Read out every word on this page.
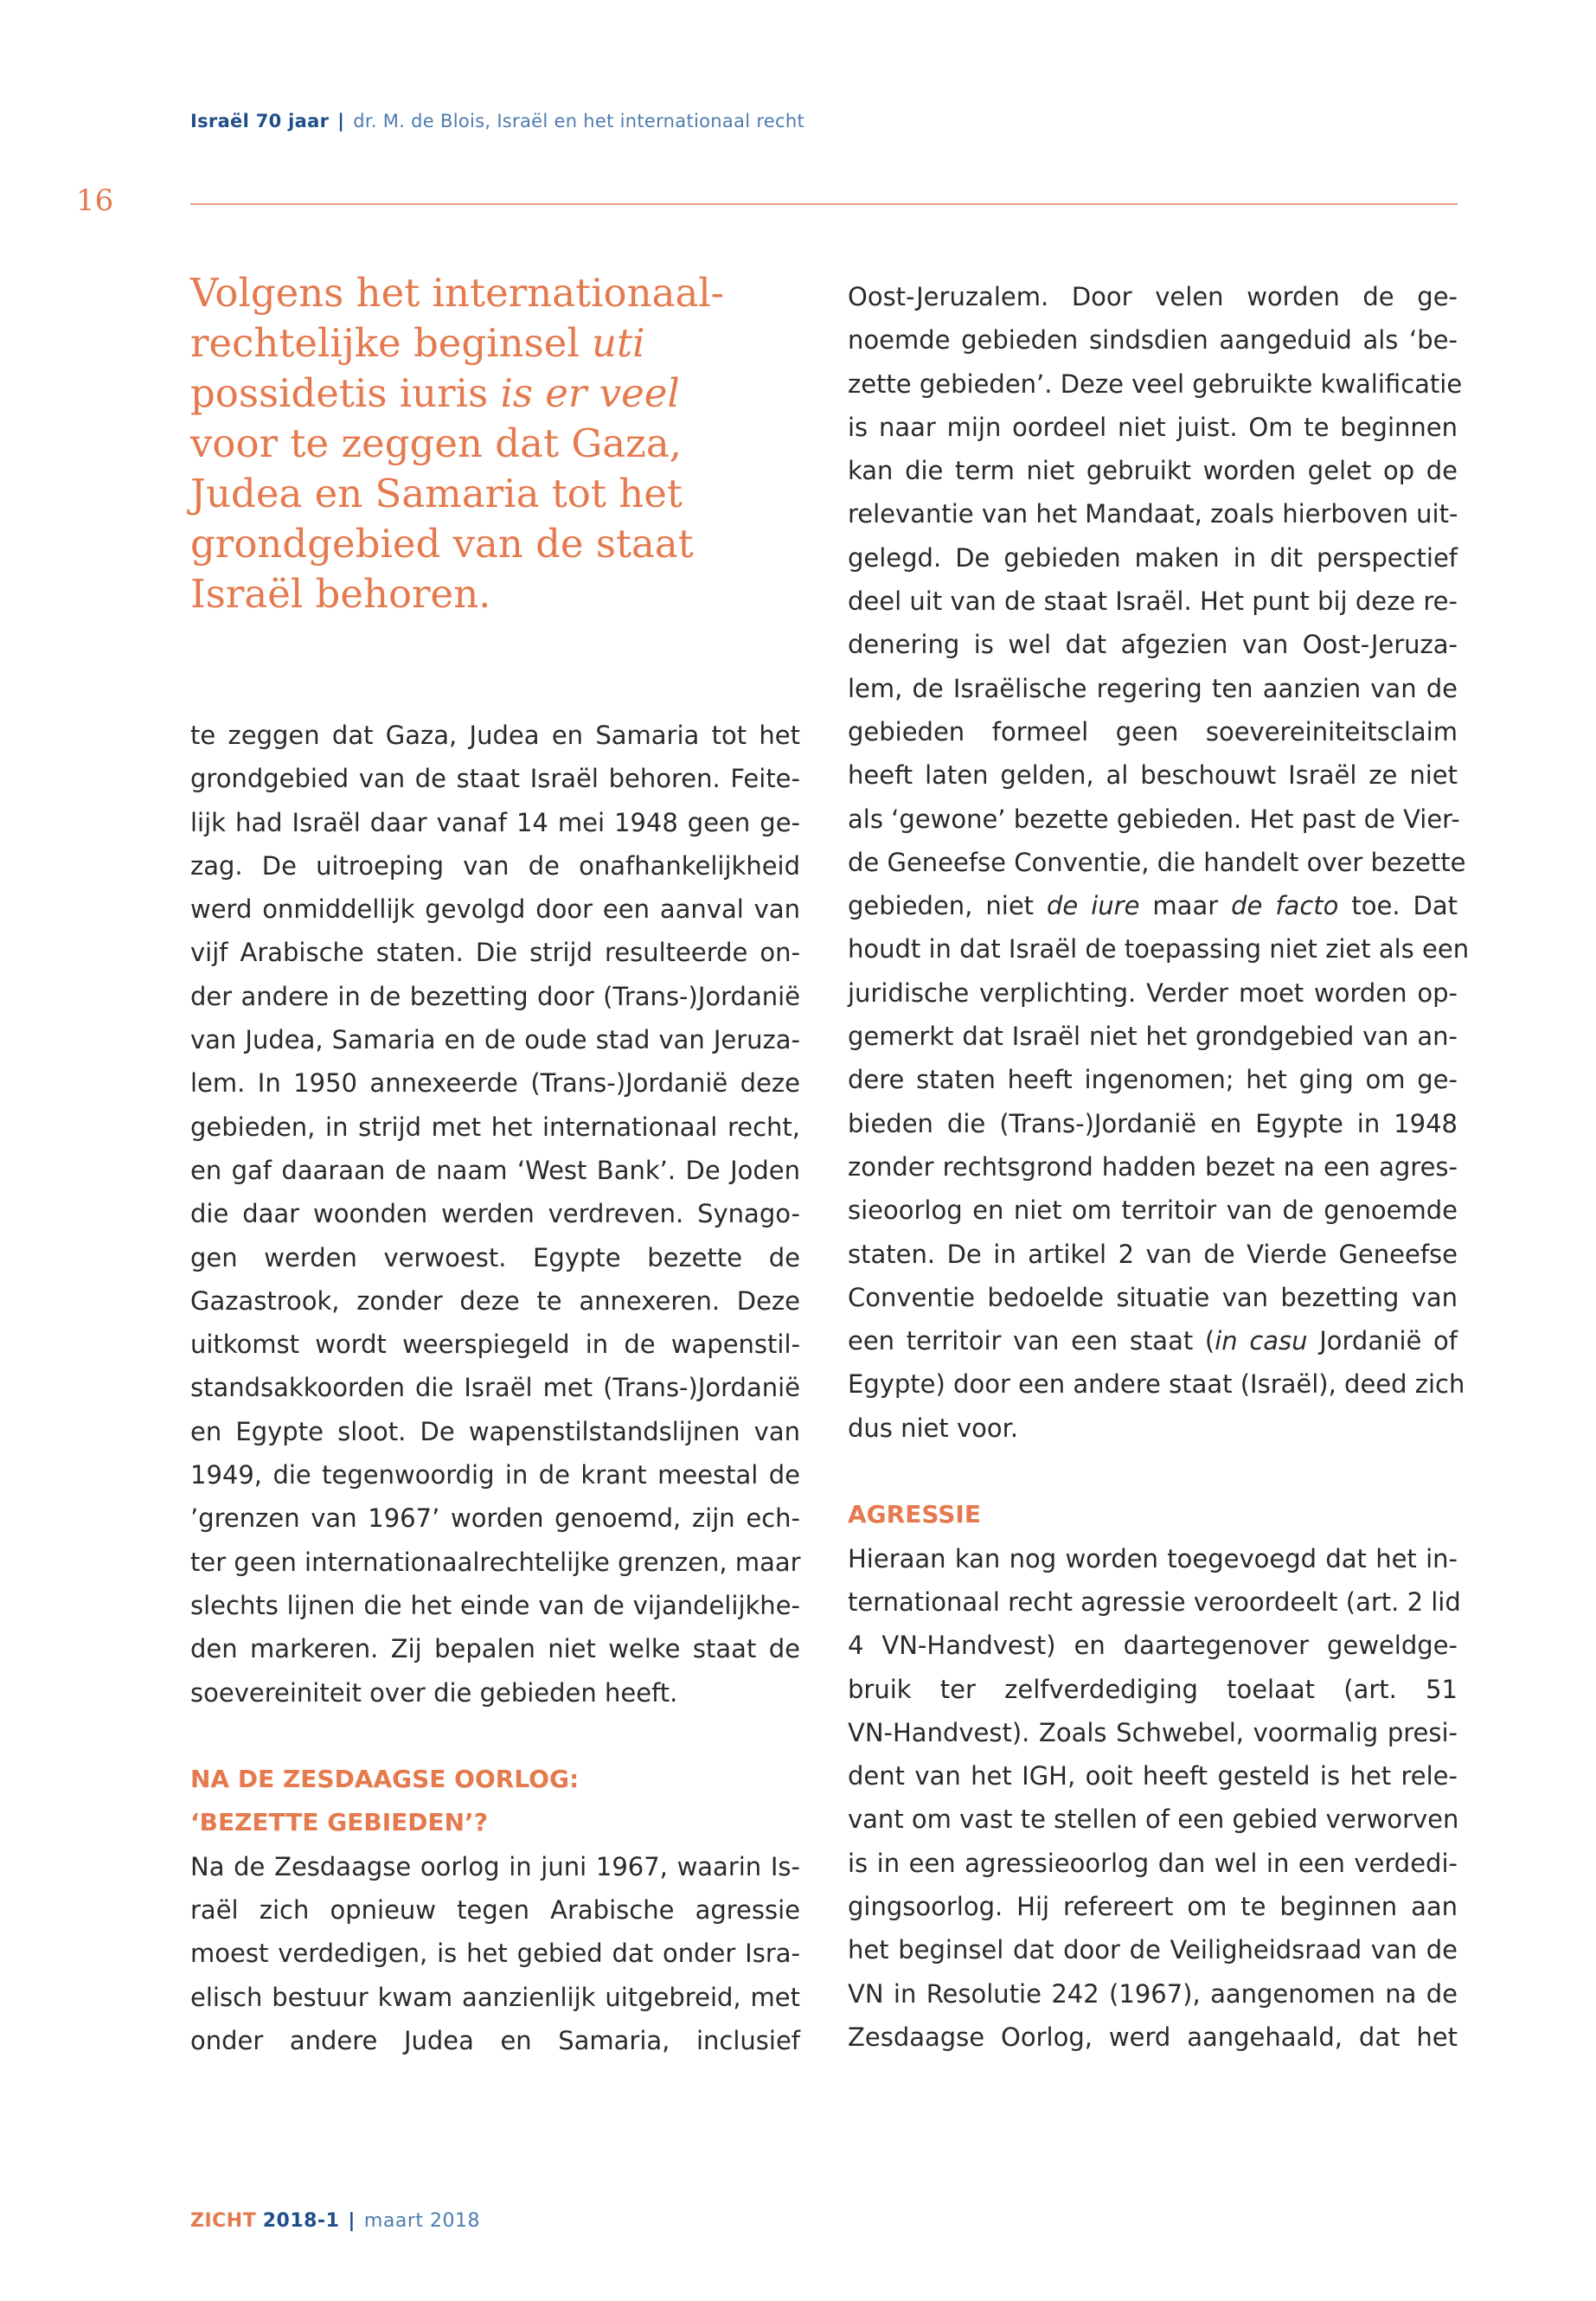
Israël 70 jaar | dr. M. de Blois, Israël en het internationaal recht
16
Volgens het internationaal-
rechtelijke beginsel uti
possidetis iuris is er veel
voor te zeggen dat Gaza,
Judea en Samaria tot het
grondgebied van de staat
Israël behoren.
te zeggen dat Gaza, Judea en Samaria tot het
grondgebied van de staat Israël behoren. Feite-
lijk had Israël daar vanaf 14 mei 1948 geen ge-
zag. De uitroeping van de onafhankelijkheid
werd onmiddellijk gevolgd door een aanval van
vijf Arabische staten. Die strijd resulteerde on-
der andere in de bezetting door (Trans-)Jordanië
van Judea, Samaria en de oude stad van Jeruza-
lem. In 1950 annexeerde (Trans-)Jordanië deze
gebieden, in strijd met het internationaal recht,
en gaf daaraan de naam ‘West Bank’. De Joden
die daar woonden werden verdreven. Synago-
gen werden verwoest. Egypte bezette de
Gazastrook, zonder deze te annexeren. Deze
uitkomst wordt weerspiegeld in de wapenstil-
standsakkoorden die Israël met (Trans-)Jordanië
en Egypte sloot. De wapenstilstandslijnen van
1949, die tegenwoordig in de krant meestal de
’grenzen van 1967’ worden genoemd, zijn ech-
ter geen internationaalrechtelijke grenzen, maar
slechts lijnen die het einde van de vijandelijkhe-
den markeren. Zij bepalen niet welke staat de
soevereiniteit over die gebieden heeft.
NA DE ZESDAAGSE OORLOG:
‘BEZETTE GEBIEDEN’?
Na de Zesdaagse oorlog in juni 1967, waarin Is-
raël zich opnieuw tegen Arabische agressie
moest verdedigen, is het gebied dat onder Isra-
elisch bestuur kwam aanzienlijk uitgebreid, met
onder andere Judea en Samaria, inclusief
Oost-Jeruzalem. Door velen worden de ge-
noemde gebieden sindsdien aangeduid als ‘be-
zette gebieden’. Deze veel gebruikte kwalificatie
is naar mijn oordeel niet juist. Om te beginnen
kan die term niet gebruikt worden gelet op de
relevantie van het Mandaat, zoals hierboven uit-
gelegd. De gebieden maken in dit perspectief
deel uit van de staat Israël. Het punt bij deze re-
denering is wel dat afgezien van Oost-Jeruza-
lem, de Israëlische regering ten aanzien van de
gebieden formeel geen soevereiniteitsclaim
heeft laten gelden, al beschouwt Israël ze niet
als ‘gewone’ bezette gebieden. Het past de Vier-
de Geneefse Conventie, die handelt over bezette
gebieden, niet de iure maar de facto toe. Dat
houdt in dat Israël de toepassing niet ziet als een
juridische verplichting. Verder moet worden op-
gemerkt dat Israël niet het grondgebied van an-
dere staten heeft ingenomen; het ging om ge-
bieden die (Trans-)Jordanië en Egypte in 1948
zonder rechtsgrond hadden bezet na een agres-
sieoorlog en niet om territoir van de genoemde
staten. De in artikel 2 van de Vierde Geneefse
Conventie bedoelde situatie van bezetting van
een territoir van een staat (in casu Jordanië of
Egypte) door een andere staat (Israël), deed zich
dus niet voor.
AGRESSIE
Hieraan kan nog worden toegevoegd dat het in-
ternationaal recht agressie veroordeelt (art. 2 lid
4 VN-Handvest) en daartegenover geweldge-
bruik ter zelfverdediging toelaat (art. 51
VN-Handvest). Zoals Schwebel, voormalig presi-
dent van het IGH, ooit heeft gesteld is het rele-
vant om vast te stellen of een gebied verworven
is in een agressieoorlog dan wel in een verdedi-
gingsoorlog. Hij refereert om te beginnen aan
het beginsel dat door de Veiligheidsraad van de
VN in Resolutie 242 (1967), aangenomen na de
Zesdaagse Oorlog, werd aangehaald, dat het
ZICHT 2018-1 | maart 2018
